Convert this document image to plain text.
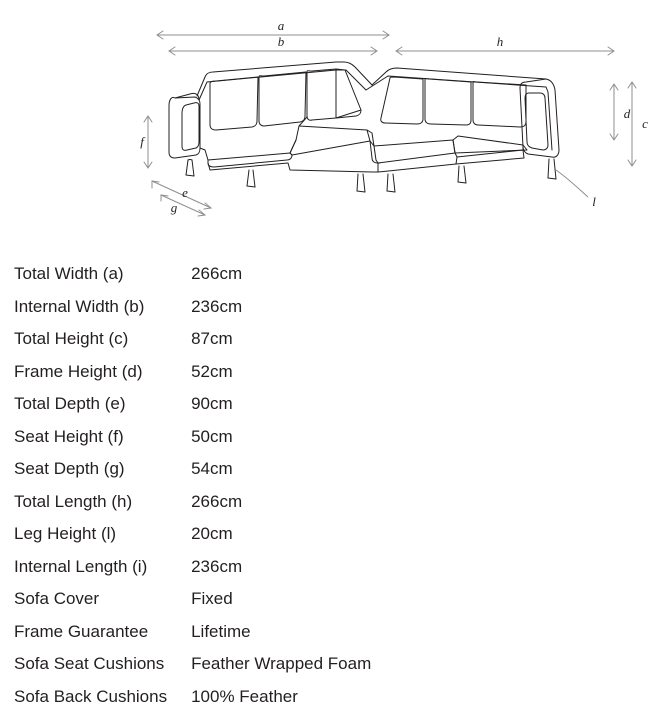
a
b	h
c
d
f
e
g	l
Total Width (a)	266cm
Internal Width (b)	236cm
Total Height (c)	87cm
Frame Height (d)	52cm
Total Depth (e)	90cm
Seat Height (f)	50cm
Seat Depth (g)	54cm
Total Length (h)	266cm
Leg Height (l)	20cm
Internal Length (i)	236cm
Sofa Cover	Fixed
Frame Guarantee	Lifetime
Sofa Seat Cushions	Feather Wrapped Foam
Sofa Back Cushions	100% Feather
